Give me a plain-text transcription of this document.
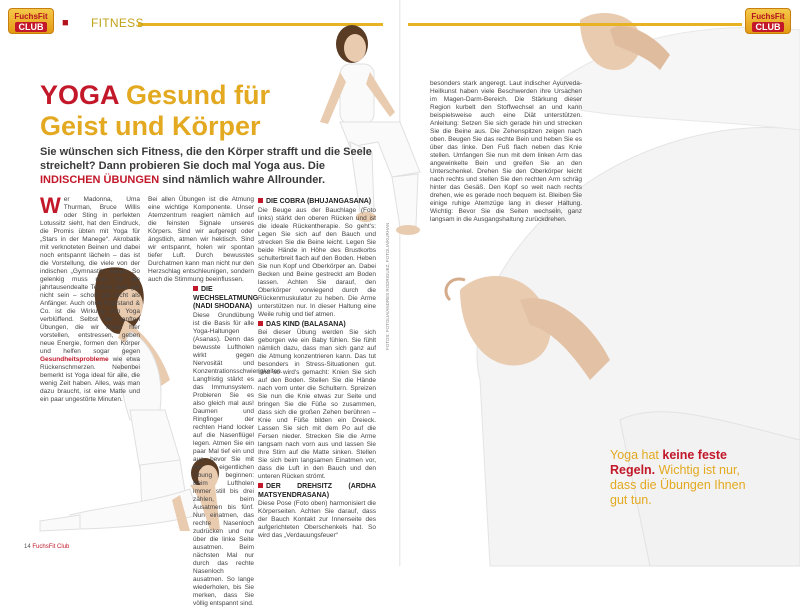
FuchsFit
CLUB
FuchsFit
CLUB
■	FITNESS
YOGA Gesund für Geist und Körper

Sie wünschen sich Fitness, die den Körper strafft und die Seele streichelt? Dann probieren Sie doch mal Yoga aus. Die INDISCHEN ÜBUNGEN sind nämlich wahre Allrounder.

W er Madonna, Uma Thurman, Bruce Willis oder Sting in perfekten Lotussitz sieht, hat den Eindruck, die Promis übten mit Yoga für „Stars in der Manege“. Akrobatik mit verknoteten Beinen und dabei noch entspannt lächeln – das ist die Vorstellung, die viele von der indischen „Gymnastik“ haben. So gelenkig muss man für die jahrtausendealte Technik aber gar nicht sein – schon gar nicht als Anfänger. Auch ohne Kopfstand & Co. ist die Wirkung von Yoga verblüffend. Selbst die sanften Übungen, die wir Ihnen hier vorstellen, entstressen, geben neue Energie, formen den Körper und helfen sogar gegen Gesundheitsprobleme wie etwa Rückenschmerzen. Nebenbei bemerkt ist Yoga ideal für alle, die wenig Zeit haben. Alles, was man dazu braucht, ist eine Matte und ein paar ungestörte Minuten.
Bei allen Übungen ist die Atmung eine wichtige Komponente. Unser Atemzentrum reagiert nämlich auf die feinsten Signale unseres Körpers. Sind wir aufgeregt oder ängstlich, atmen wir hektisch. Sind wir entspannt, holen wir spontan tiefer Luft. Durch bewusstes Durchatmen kann man nicht nur den Herzschlag entschleunigen, sondern auch die Stimmung beeinflussen.
DIE WECHSELATMUNG (NADI SHODANA)
Diese Grundübung ist die Basis für alle Yoga-Haltungen (Asanas). Denn das bewusste Luftholen wirkt gegen Nervosität und Konzentrationsschwierigkeiten. Langfristig stärkt es das Immunsystem. Probieren Sie es also gleich mal aus! Daumen und Ringfinger der rechten Hand locker auf die Nasenflügel legen. Atmen Sie ein paar Mal tief ein und aus, bevor Sie mit der eigentlichen Übung beginnen: Beim Luftholen immer still bis drei zählen, beim Ausatmen bis fünf. Nun einatmen, das rechte Nasenloch zudrücken und nur über die linke Seite ausatmen. Beim nächsten Mal nur durch das rechte Nasenloch ausatmen. So lange wiederholen, bis Sie merken, dass Sie völlig entspannt sind.
DIE COBRA (BHUJANGASANA)
Die Beuge aus der Bauchlage (Foto links) stärkt den oberen Rücken und ist die ideale Rückentherapie. So geht's: Legen Sie sich auf den Bauch und strecken Sie die Beine leicht. Legen Sie beide Hände in Höhe des Brustkorbs schulterbreit flach auf den Boden. Heben Sie nun Kopf und Oberkörper an. Dabei Becken und Beine gestreckt am Boden lassen. Achten Sie darauf, den Oberkörper vorwiegend durch die Rückenmuskulatur zu heben. Die Arme unterstützen nur. In dieser Haltung eine Weile ruhig und tief atmen.
DAS KIND (BALASANA)
Bei dieser Übung werden Sie sich geborgen wie ein Baby fühlen. Sie fühlt nämlich dazu, dass man sich ganz auf die Atmung konzentrieren kann. Das tut besonders in Stress-Situationen gut. Und so wird's gemacht: Knien Sie sich auf den Boden. Stellen Sie die Hände nach vorn unter die Schultern. Spreizen Sie nun die Knie etwas zur Seite und bringen Sie die Füße so zusammen, dass sich die großen Zehen berühren – Knie und Füße bilden ein Dreieck. Lassen Sie sich mit dem Po auf die Fersen nieder. Strecken Sie die Arme langsam nach vorn aus und lassen Sie Ihre Stirn auf die Matte sinken. Stellen Sie sich beim langsamen Einatmen vor, dass die Luft in den Bauch und den unteren Rücken strömt.
DER DREHSITZ (ARDHA MATSYENDRASANA)
Diese Pose (Foto oben) harmonisiert die Körperseiten. Achten Sie darauf, dass der Bauch Kontakt zur Innenseite des aufgerichteten Oberschenkels hat. So wird das „Verdauungsfeuer“
besonders stark angeregt. Laut indischer Ayurveda-Heilkunst haben viele Beschwerden ihre Ursachen im Magen-Darm-Bereich. Die Stärkung dieser Region kurbelt den Stoffwechsel an und kann beispielsweise auch eine Diät unterstützen. Anleitung: Setzen Sie sich gerade hin und strecken Sie die Beine aus. Die Zehenspitzen zeigen nach oben. Beugen Sie das rechte Bein und heben Sie es über das linke. Den Fuß flach neben das Knie stellen. Umfangen Sie nun mit dem linken Arm das angewinkelte Bein und greifen Sie an den Unterschenkel. Drehen Sie den Oberkörper leicht nach rechts und stellen Sie den rechten Arm schräg hinter das Gesäß. Den Kopf so weit nach rechts drehen, wie es gerade noch bequem ist. Bleiben Sie einige ruhige Atemzüge lang in dieser Haltung. Wichtig: Bevor Sie die Seiten wechseln, ganz langsam in die Ausgangshaltung zurückdrehen.
FOTOS: FOTOLIA/ANDRES RODRIGUEZ, FOTOLIA/KURHAN

Yoga hat keine feste Regeln. Wichtig ist nur, dass die Übungen Ihnen gut tun.

14 FuchsFit Club
